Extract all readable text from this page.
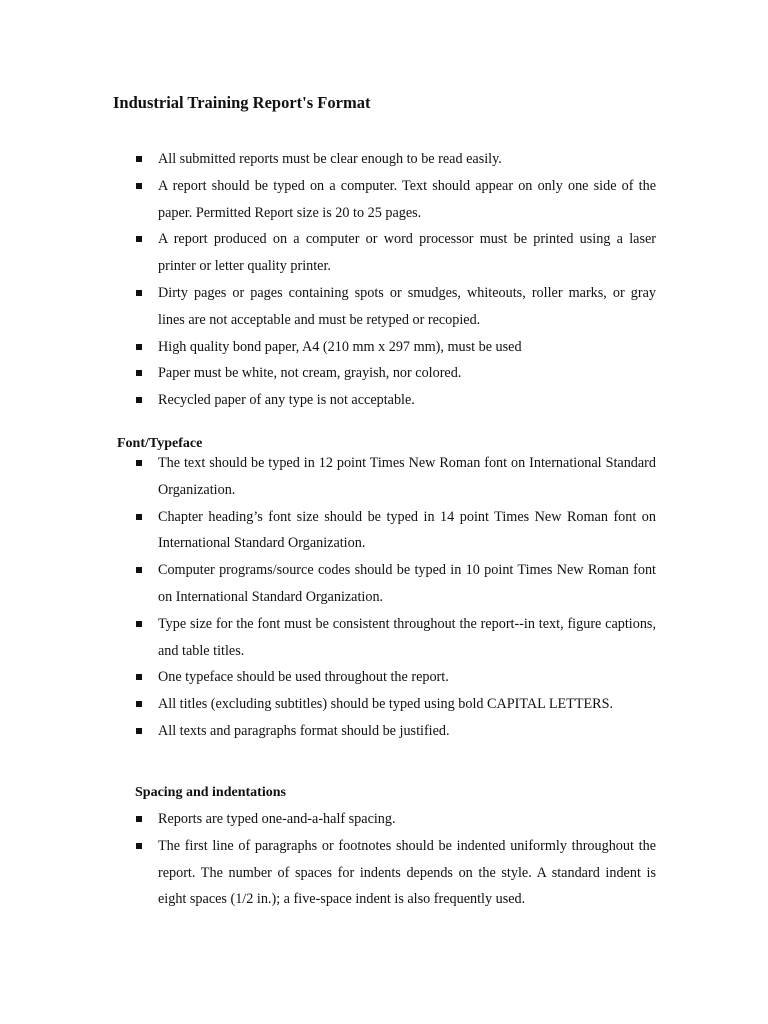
Industrial Training Report's Format
All submitted reports must be clear enough to be read easily.
A report should be typed on a computer. Text should appear on only one side of the paper. Permitted Report size is 20 to 25 pages.
A report produced on a computer or word processor must be printed using a laser printer or letter quality printer.
Dirty pages or pages containing spots or smudges, whiteouts, roller marks, or gray lines are not acceptable and must be retyped or recopied.
High quality bond paper, A4 (210 mm x 297 mm), must be used
Paper must be white, not cream, grayish, nor colored.
Recycled paper of any type is not acceptable.
Font/Typeface
The text should be typed in 12 point Times New Roman font on International Standard Organization.
Chapter heading’s font size should be typed in 14 point Times New Roman font on International Standard Organization.
Computer programs/source codes should be typed in 10 point Times New Roman font on International Standard Organization.
Type size for the font must be consistent throughout the report--in text, figure captions, and table titles.
One typeface should be used throughout the report.
All titles (excluding subtitles) should be typed using bold CAPITAL LETTERS.
All texts and paragraphs format should be justified.
Spacing and indentations
Reports are typed one-and-a-half spacing.
The first line of paragraphs or footnotes should be indented uniformly throughout the report. The number of spaces for indents depends on the style. A standard indent is eight spaces (1/2 in.); a five-space indent is also frequently used.
